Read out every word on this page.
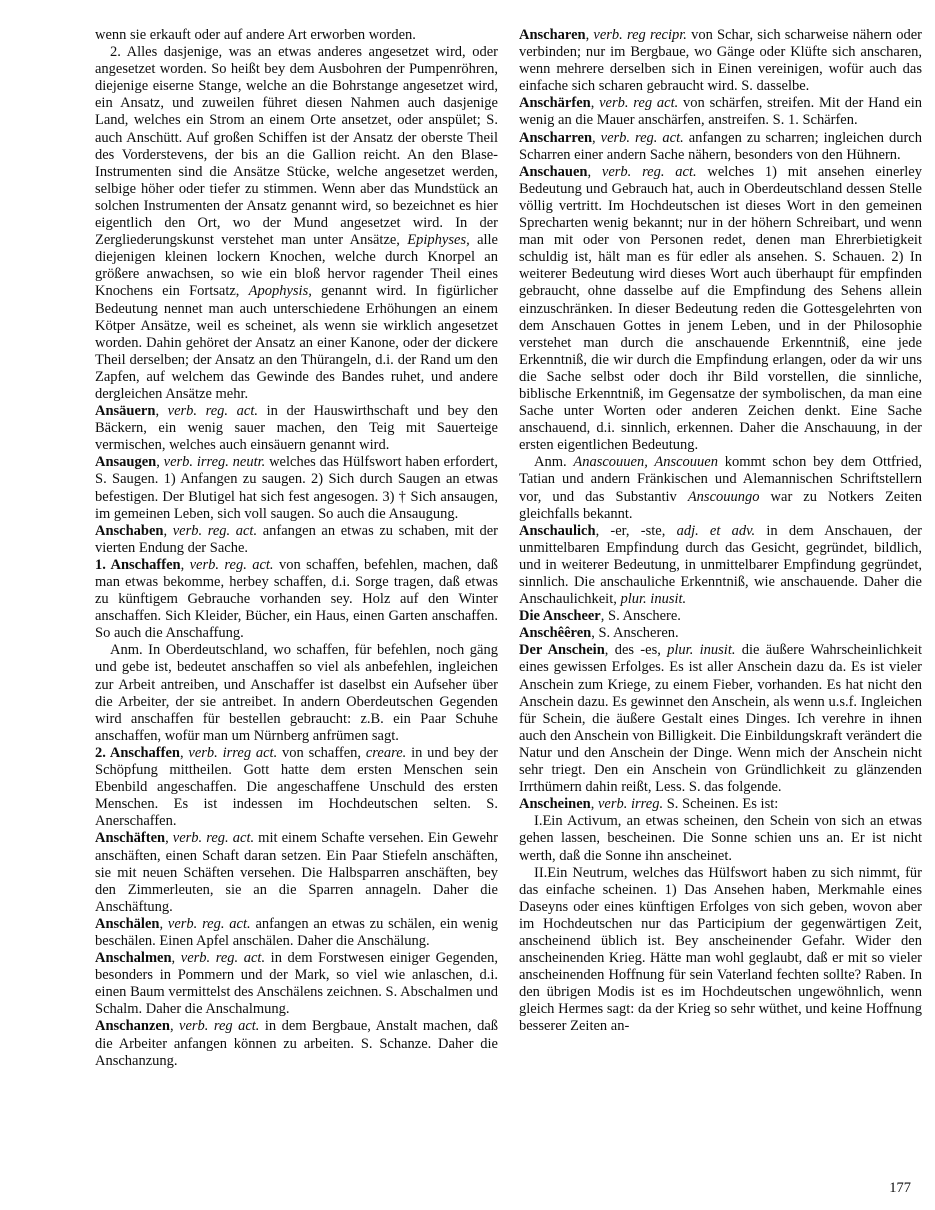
wenn sie erkauft oder auf andere Art erworben worden.

2. Alles dasjenige, was an etwas anderes angesetzet wird, oder angesetzet worden. So heißt bey dem Ausbohren der Pumpenröhren, diejenige eiserne Stange, welche an die Bohrstange angesetzet wird, ein Ansatz, und zuweilen führet diesen Nahmen auch dasjenige Land, welches ein Strom an einem Orte ansetzet, oder anspület; S. auch Anschütt. Auf großen Schiffen ist der Ansatz der oberste Theil des Vorderstevens, der bis an die Gallion reicht. An den Blase-Instrumenten sind die Ansätze Stücke, welche angesetzet werden, selbige höher oder tiefer zu stimmen. Wenn aber das Mundstück an solchen Instrumenten der Ansatz genannt wird, so bezeichnet es hier eigentlich den Ort, wo der Mund angesetzet wird. In der Zergliederungskunst verstehet man unter Ansätze, Epiphyses, alle diejenigen kleinen lockern Knochen, welche durch Knorpel an größere anwachsen, so wie ein bloß hervor ragender Theil eines Knochens ein Fortsatz, Apophysis, genannt wird. In figürlicher Bedeutung nennet man auch unterschiedene Erhöhungen an einem Kötper Ansätze, weil es scheinet, als wenn sie wirklich angesetzet worden. Dahin gehöret der Ansatz an einer Kanone, oder der dickere Theil derselben; der Ansatz an den Thürangeln, d.i. der Rand um den Zapfen, auf welchem das Gewinde des Bandes ruhet, und andere dergleichen Ansätze mehr.

Ansäuern, verb. reg. act. in der Hauswirthschaft und bey den Bäckern, ein wenig sauer machen, den Teig mit Sauerteige vermischen, welches auch einsäuern genannt wird.

Ansaugen, verb. irreg. neutr. welches das Hülfswort haben erfordert, S. Saugen. 1) Anfangen zu saugen. 2) Sich durch Saugen an etwas befestigen. Der Blutigel hat sich fest angesogen. 3) † Sich ansaugen, im gemeinen Leben, sich voll saugen. So auch die Ansaugung.

Anschaben, verb. reg. act. anfangen an etwas zu schaben, mit der vierten Endung der Sache.

1. Anschaffen, verb. reg. act. von schaffen, befehlen, machen, daß man etwas bekomme, herbey schaffen, d.i. Sorge tragen, daß etwas zu künftigem Gebrauche vorhanden sey. Holz auf den Winter anschaffen. Sich Kleider, Bücher, ein Haus, einen Garten anschaffen. So auch die Anschaffung.

Anm. In Oberdeutschland, wo schaffen, für befehlen, noch gäng und gebe ist, bedeutet anschaffen so viel als anbefehlen, ingleichen zur Arbeit antreiben, und Anschaffer ist daselbst ein Aufseher über die Arbeiter, der sie antreibet. In andern Oberdeutschen Gegenden wird anschaffen für bestellen gebraucht: z.B. ein Paar Schuhe anschaffen, wofür man um Nürnberg anfrümen sagt.

2. Anschaffen, verb. irreg act. von schaffen, creare. in und bey der Schöpfung mittheilen. Gott hatte dem ersten Menschen sein Ebenbild angeschaffen. Die angeschaffene Unschuld des ersten Menschen. Es ist indessen im Hochdeutschen selten. S. Anerschaffen.

Anschäften, verb. reg. act. mit einem Schafte versehen. Ein Gewehr anschäften, einen Schaft daran setzen. Ein Paar Stiefeln anschäften, sie mit neuen Schäften versehen. Die Halbsparren anschäften, bey den Zimmerleuten, sie an die Sparren annageln. Daher die Anschäftung.

Anschälen, verb. reg. act. anfangen an etwas zu schälen, ein wenig beschälen. Einen Apfel anschälen. Daher die Anschälung.

Anschalmen, verb. reg. act. in dem Forstwesen einiger Gegenden, besonders in Pommern und der Mark, so viel wie anlaschen, d.i. einen Baum vermittelst des Anschälens zeichnen. S. Abschalmen und Schalm. Daher die Anschalmung.

Anschanzen, verb. reg act. in dem Bergbaue, Anstalt machen, daß die Arbeiter anfangen können zu arbeiten. S. Schanze. Daher die Anschanzung.

Anscharen, verb. reg recipr. von Schar, sich scharweise nähern oder verbinden; nur im Bergbaue, wo Gänge oder Klüfte sich anscharen, wenn mehrere derselben sich in Einen vereinigen, wofür auch das einfache sich scharen gebraucht wird. S. dasselbe.

Anschärfen, verb. reg act. von schärfen, streifen. Mit der Hand ein wenig an die Mauer anschärfen, anstreifen. S. 1. Schärfen.

Anscharren, verb. reg. act. anfangen zu scharren; ingleichen durch Scharren einer andern Sache nähern, besonders von den Hühnern.

Anschauen, verb. reg. act. welches 1) mit ansehen einerley Bedeutung und Gebrauch hat, auch in Oberdeutschland dessen Stelle völlig vertritt. Im Hochdeutschen ist dieses Wort in den gemeinen Sprecharten wenig bekannt; nur in der höhern Schreibart, und wenn man mit oder von Personen redet, denen man Ehrerbietigkeit schuldig ist, hält man es für edler als ansehen. S. Schauen. 2) In weiterer Bedeutung wird dieses Wort auch überhaupt für empfinden gebraucht, ohne dasselbe auf die Empfindung des Sehens allein einzuschränken. In dieser Bedeutung reden die Gottesgelehrten von dem Anschauen Gottes in jenem Leben, und in der Philosophie verstehet man durch die anschauende Erkenntniß, eine jede Erkenntniß, die wir durch die Empfindung erlangen, oder da wir uns die Sache selbst oder doch ihr Bild vorstellen, die sinnliche, biblische Erkenntniß, im Gegensatze der symbolischen, da man eine Sache unter Worten oder anderen Zeichen denkt. Eine Sache anschauend, d.i. sinnlich, erkennen. Daher die Anschauung, in der ersten eigentlichen Bedeutung.

Anm. Anascouuen, Anscouuen kommt schon bey dem Ottfried, Tatian und andern Fränkischen und Alemannischen Schriftstellern vor, und das Substantiv Anscouungo war zu Notkers Zeiten gleichfalls bekannt.

Anschaulich, -er, -ste, adj. et adv. in dem Anschauen, der unmittelbaren Empfindung durch das Gesicht, gegründet, bildlich, und in weiterer Bedeutung, in unmittelbarer Empfindung gegründet, sinnlich. Die anschauliche Erkenntniß, wie anschauende. Daher die Anschaulichkeit, plur. inusit.

Die Anscheer, S. Anschere.

Anschêêren, S. Anscheren.

Der Anschein, des -es, plur. inusit. die äußere Wahrscheinlichkeit eines gewissen Erfolges. Es ist aller Anschein dazu da. Es ist vieler Anschein zum Kriege, zu einem Fieber, vorhanden. Es hat nicht den Anschein dazu. Es gewinnet den Anschein, als wenn u.s.f. Ingleichen für Schein, die äußere Gestalt eines Dinges. Ich verehre in ihnen auch den Anschein von Billigkeit. Die Einbildungskraft verändert die Natur und den Anschein der Dinge. Wenn mich der Anschein nicht sehr triegt. Den ein Anschein von Gründlichkeit zu glänzenden Irrthümern dahin reißt, Less. S. das folgende.

Anscheinen, verb. irreg. S. Scheinen. Es ist:

I.Ein Activum, an etwas scheinen, den Schein von sich an etwas gehen lassen, bescheinen. Die Sonne schien uns an. Er ist nicht werth, daß die Sonne ihn anscheinet.

II.Ein Neutrum, welches das Hülfswort haben zu sich nimmt, für das einfache scheinen. 1) Das Ansehen haben, Merkmahle eines Daseyns oder eines künftigen Erfolges von sich geben, wovon aber im Hochdeutschen nur das Participium der gegenwärtigen Zeit, anscheinend üblich ist. Bey anscheinender Gefahr. Wider den anscheinenden Krieg. Hätte man wohl geglaubt, daß er mit so vieler anscheinenden Hoffnung für sein Vaterland fechten sollte? Raben. In den übrigen Modis ist es im Hochdeutschen ungewöhnlich, wenn gleich Hermes sagt: da der Krieg so sehr wüthet, und keine Hoffnung besserer Zeiten an-

177
